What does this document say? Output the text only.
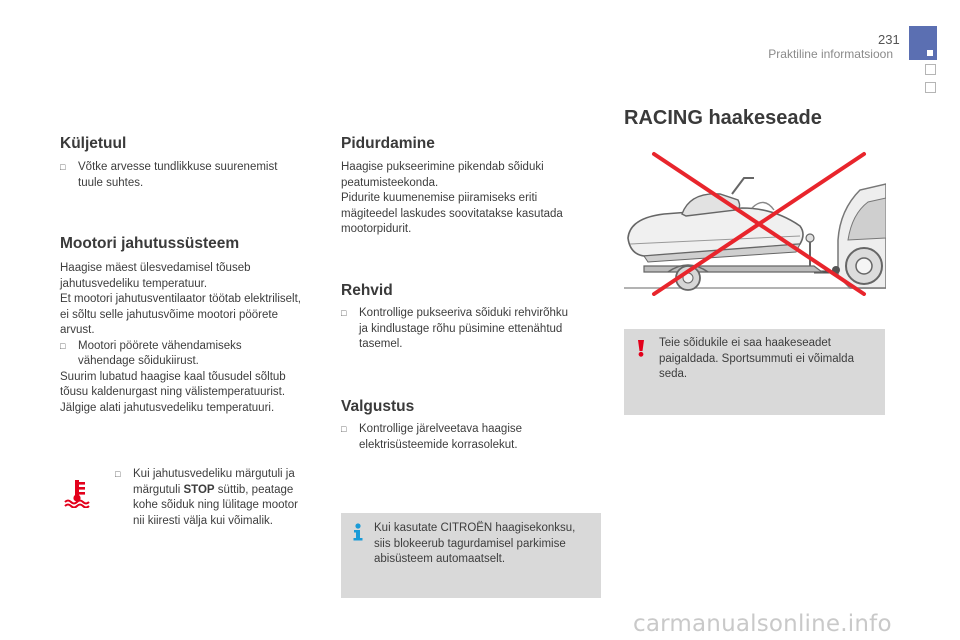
231
Praktiline informatsioon
Küljetuul
□ Võtke arvesse tundlikkuse suurenemist
tuule suhtes.
Mootori jahutussüsteem
Haagise mäest ülesvedamisel tõuseb
jahutusvedeliku temperatuur.
Et mootori jahutusventilaator töötab elektriliselt,
ei sõltu selle jahutusvõime mootori pöörete
arvust.
□ Mootori pöörete vähendamiseks
vähendage sõidukiirust.
Suurim lubatud haagise kaal tõusudel sõltub
tõusu kaldenurgast ning välistemperatuurist.
Jälgige alati jahutusvedeliku temperatuuri.
□ Kui jahutusvedeliku märgutuli ja
märgutuli STOP süttib, peatage
kohe sõiduk ning lülitage mootor
nii kiiresti välja kui võimalik.
Pidurdamine
Haagise pukseerimine pikendab sõiduki
peatumisteekonda.
Pidurite kuumenemise piiramiseks eriti
mägiteedel laskudes soovitatakse kasutada
mootorpidurit.
Rehvid
□ Kontrollige pukseeriva sõiduki rehvirõhku
ja kindlustage rõhu püsimine ettenähtud
tasemel.
Valgustus
□ Kontrollige järelveetava haagise
elektrisüsteemide korrasolekut.
Kui kasutate CITROËN haagisekonksu,
siis blokeerub tagurdamisel parkimise
abisüsteem automaatselt.
RACING haakeseade
Teie sõidukile ei saa haakeseadet
paigaldada. Sportsummuti ei võimalda
seda.
carmanualsonline.info
